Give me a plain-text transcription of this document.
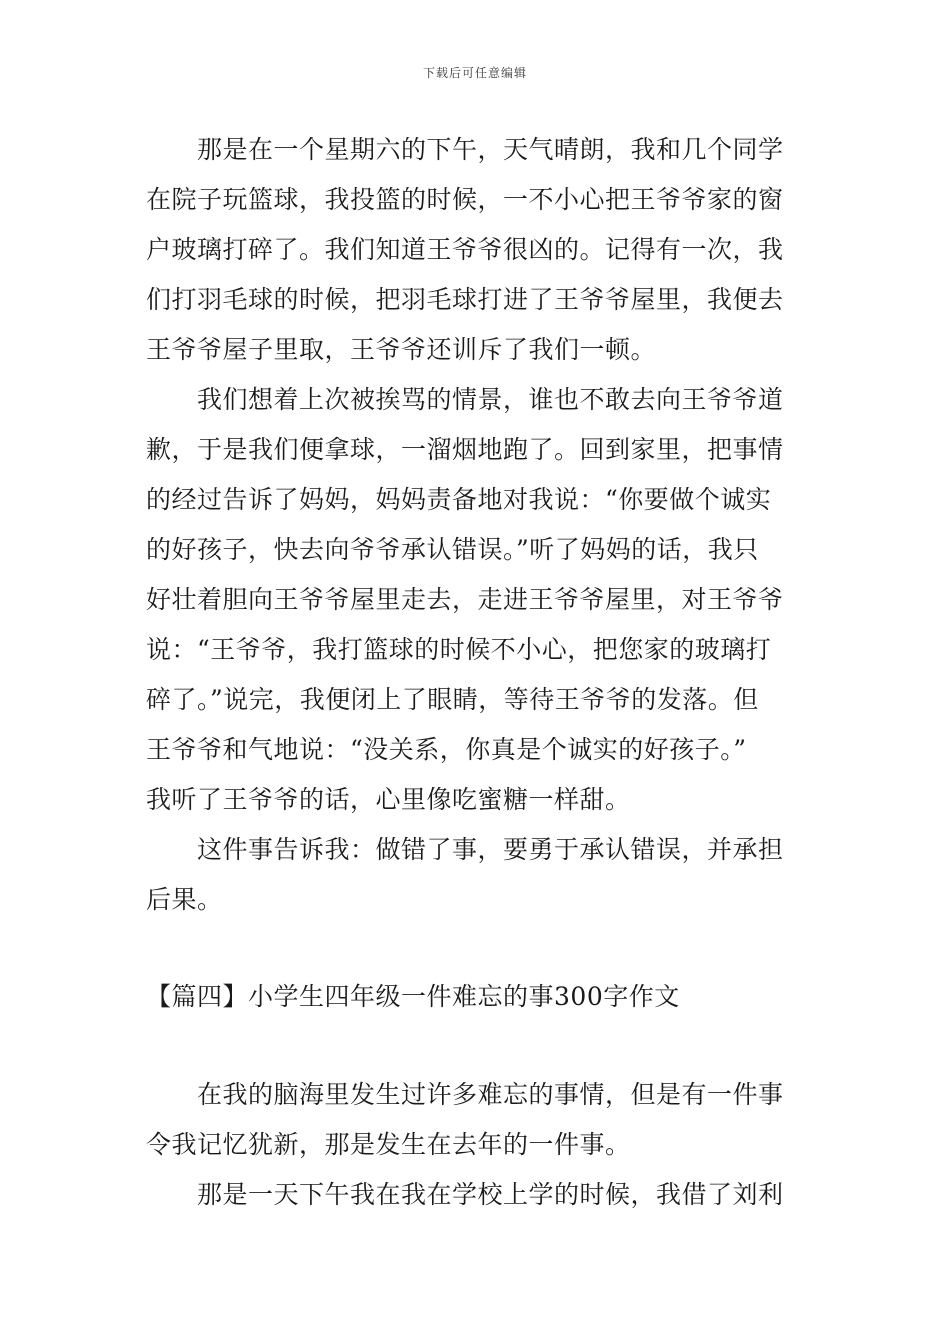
下载后可任意编辑
那是在一个星期六的下午，天气晴朗，我和几个同学
在院子玩篮球，我投篮的时候，一不小心把王爷爷家的窗
户玻璃打碎了。我们知道王爷爷很凶的。记得有一次，我
们打羽毛球的时候，把羽毛球打进了王爷爷屋里，我便去
王爷爷屋子里取，王爷爷还训斥了我们一顿。
我们想着上次被挨骂的情景，谁也不敢去向王爷爷道
歉，于是我们便拿球，一溜烟地跑了。回到家里，把事情
的经过告诉了妈妈，妈妈责备地对我说：“你要做个诚实
的好孩子，快去向爷爷承认错误。”听了妈妈的话，我只
好壮着胆向王爷爷屋里走去，走进王爷爷屋里，对王爷爷
说：“王爷爷，我打篮球的时候不小心，把您家的玻璃打
碎了。”说完，我便闭上了眼睛，等待王爷爷的发落。但
王爷爷和气地说：“没关系，你真是个诚实的好孩子。”
我听了王爷爷的话，心里像吃蜜糖一样甜。
这件事告诉我：做错了事，要勇于承认错误，并承担
后果。
【篇四】小学生四年级一件难忘的事300字作文
在我的脑海里发生过许多难忘的事情，但是有一件事
令我记忆犹新，那是发生在去年的一件事。
那是一天下午我在我在学校上学的时候，我借了刘利
